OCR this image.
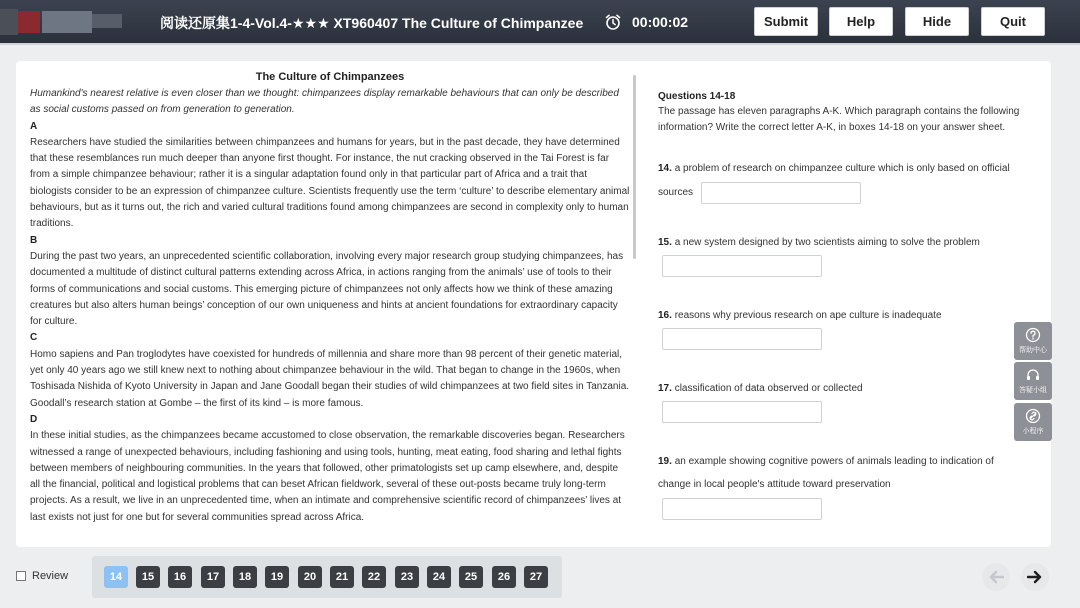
阅读还原集1-4-Vol.4-★★★ XT960407 The Culture of Chimpanzee	00:00:02	Submit	Help	Hide	Quit
The Culture of Chimpanzees
Humankind's nearest relative is even closer than we thought: chimpanzees display remarkable behaviours that can only be described as social customs passed on from generation to generation.
A
Researchers have studied the similarities between chimpanzees and humans for years, but in the past decade, they have determined that these resemblances run much deeper than anyone first thought. For instance, the nut cracking observed in the Tai Forest is far from a simple chimpanzee behaviour; rather it is a singular adaptation found only in that particular part of Africa and a trait that biologists consider to be an expression of chimpanzee culture. Scientists frequently use the term ‘culture’ to describe elementary animal behaviours, but as it turns out, the rich and varied cultural traditions found among chimpanzees are second in complexity only to human traditions.
B
During the past two years, an unprecedented scientific collaboration, involving every major research group studying chimpanzees, has documented a multitude of distinct cultural patterns extending across Africa, in actions ranging from the animals’ use of tools to their forms of communications and social customs. This emerging picture of chimpanzees not only affects how we think of these amazing creatures but also alters human beings’ conception of our own uniqueness and hints at ancient foundations for extraordinary capacity for culture.
C
Homo sapiens and Pan troglodytes have coexisted for hundreds of millennia and share more than 98 percent of their genetic material, yet only 40 years ago we still knew next to nothing about chimpanzee behaviour in the wild. That began to change in the 1960s, when Toshisada Nishida of Kyoto University in Japan and Jane Goodall began their studies of wild chimpanzees at two field sites in Tanzania. Goodall’s research station at Gombe – the first of its kind – is more famous.
D
In these initial studies, as the chimpanzees became accustomed to close observation, the remarkable discoveries began. Researchers witnessed a range of unexpected behaviours, including fashioning and using tools, hunting, meat eating, food sharing and lethal fights between members of neighbouring communities. In the years that followed, other primatologists set up camp elsewhere, and, despite all the financial, political and logistical problems that can beset African fieldwork, several of these out-posts became truly long-term projects. As a result, we live in an unprecedented time, when an intimate and comprehensive scientific record of chimpanzees’ lives at last exists not just for one but for several communities spread across Africa.
Questions 14-18
The passage has eleven paragraphs A-K. Which paragraph contains the following information? Write the correct letter A-K, in boxes 14-18 on your answer sheet.
14. a problem of research on chimpanzee culture which is only based on official
sources
15. a new system designed by two scientists aiming to solve the problem
16. reasons why previous research on ape culture is inadequate
17. classification of data observed or collected
19. an example showing cognitive powers of animals leading to indication of
change in local people's attitude toward preservation
帮助中心
答疑小组
小程序
Review	14	15	16	17	18	19	20	21	22	23	24	25	26	27
